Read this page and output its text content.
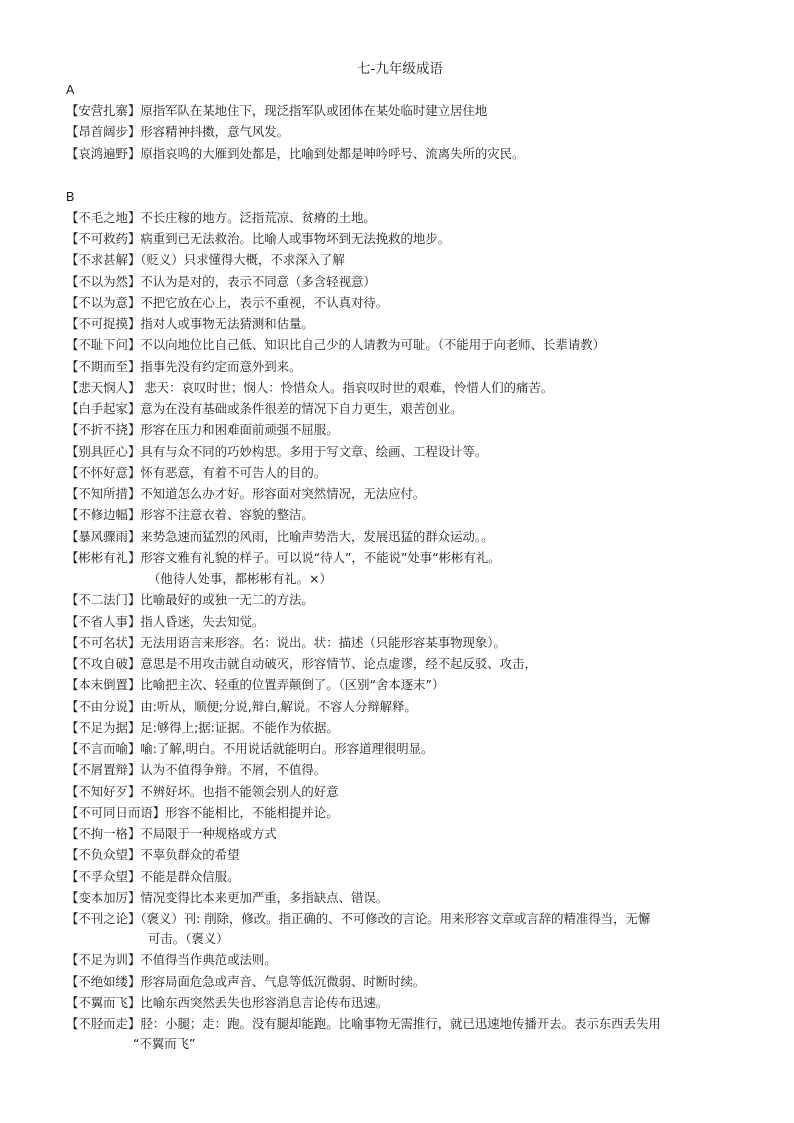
七-九年级成语
A
【安营扎寨】原指军队在某地住下，现泛指军队或团体在某处临时建立居住地
【昂首阔步】形容精神抖擞，意气风发。
【哀鸿遍野】原指哀鸣的大雁到处都是，比喻到处都是呻吟呼号、流离失所的灾民。
B
【不毛之地】不长庄稼的地方。泛指荒凉、贫瘠的土地。
【不可救药】病重到已无法救治。比喻人或事物坏到无法挽救的地步。
【不求甚解】（贬义）只求懂得大概，不求深入了解
【不以为然】不认为是对的，表示不同意（多含轻视意）
【不以为意】不把它放在心上，表示不重视，不认真对待。
【不可捉摸】指对人或事物无法猜测和估量。
【不耻下问】不以向地位比自己低、知识比自己少的人请教为可耻。（不能用于向老师、长辈请教）
【不期而至】指事先没有约定而意外到来。
【悲天悯人】 悲天：哀叹时世；悯人：怜惜众人。指哀叹时世的艰难，怜惜人们的痛苦。
【白手起家】意为在没有基础或条件很差的情况下自力更生，艰苦创业。
【不折不挠】形容在压力和困难面前顽强不屈服。
【别具匠心】具有与众不同的巧妙构思。多用于写文章、绘画、工程设计等。
【不怀好意】怀有恶意，有着不可告人的目的。
【不知所措】不知道怎么办才好。形容面对突然情况，无法应付。
【不修边幅】形容不注意衣着、容貌的整洁。
【暴风骤雨】来势急速而猛烈的风雨，比喻声势浩大，发展迅猛的群众运动。。
【彬彬有礼】形容文雅有礼貌的样子。可以说“待人”，不能说”处事“彬彬有礼。
（他待人处事，都彬彬有礼。×）
【不二法门】比喻最好的或独一无二的方法。
【不省人事】指人昏迷，失去知觉。
【不可名状】无法用语言来形容。名：说出。状：描述（只能形容某事物现象）。
【不攻自破】意思是不用攻击就自动破灭，形容情节、论点虚谬，经不起反驳、攻击，
【本末倒置】比喻把主次、轻重的位置弄颠倒了。（区别“舍本逐末”）
【不由分说】由:听从，顺便;分说,辩白,解说。不容人分辩解释。
【不足为据】足:够得上;据:证据。不能作为依据。
【不言而喻】喻:了解,明白。不用说话就能明白。形容道理很明显。
【不屑置辩】认为不值得争辩。不屑，不值得。
【不知好歹】不辨好坏。也指不能领会别人的好意
【不可同日而语】形容不能相比，不能相提并论。
【不拘一格】不局限于一种规格或方式
【不负众望】不辜负群众的希望
【不孚众望】不能是群众信服。
【变本加厉】情况变得比本来更加严重，多指缺点、错误。
【不刊之论】（褒义）刊: 削除，修改。指正确的、不可修改的言论。用来形容文章或言辞的精准得当，无懈
可击。（褒义）
【不足为训】不值得当作典范或法则。
【不绝如缕】形容局面危急或声音、气息等低沉微弱、时断时续。
【不翼而飞】比喻东西突然丢失也形容消息言论传布迅速。
【不胫而走】胫：小腿；走：跑。没有腿却能跑。比喻事物无需推行，就已迅速地传播开去。表示东西丢失用
“不翼而飞”
